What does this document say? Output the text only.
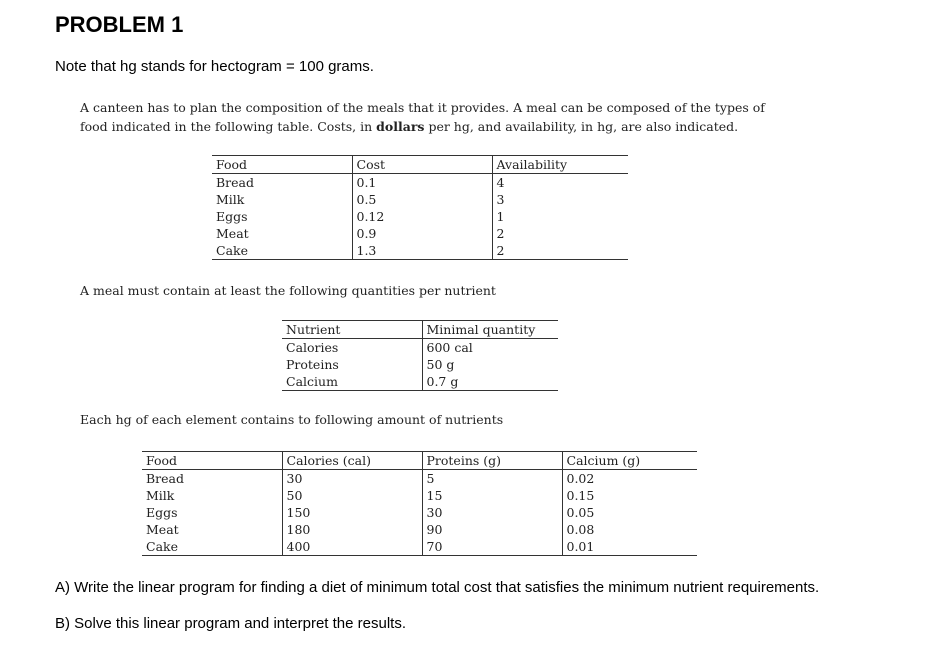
PROBLEM 1
Note that hg stands for hectogram = 100 grams.
A canteen has to plan the composition of the meals that it provides. A meal can be composed of the types of food indicated in the following table. Costs, in dollars per hg, and availability, in hg, are also indicated.
Food	Cost	Availability
Bread	0.1	4
Milk	0.5	3
Eggs	0.12	1
Meat	0.9	2
Cake	1.3	2
A meal must contain at least the following quantities per nutrient
Nutrient	Minimal quantity
Calories	600 cal
Proteins	50 g
Calcium	0.7 g
Each hg of each element contains to following amount of nutrients
Food	Calories (cal)	Proteins (g)	Calcium (g)
Bread	30	5	0.02
Milk	50	15	0.15
Eggs	150	30	0.05
Meat	180	90	0.08
Cake	400	70	0.01
A) Write the linear program for finding a diet of minimum total cost that satisfies the minimum nutrient requirements.
B) Solve this linear program and interpret the results.
